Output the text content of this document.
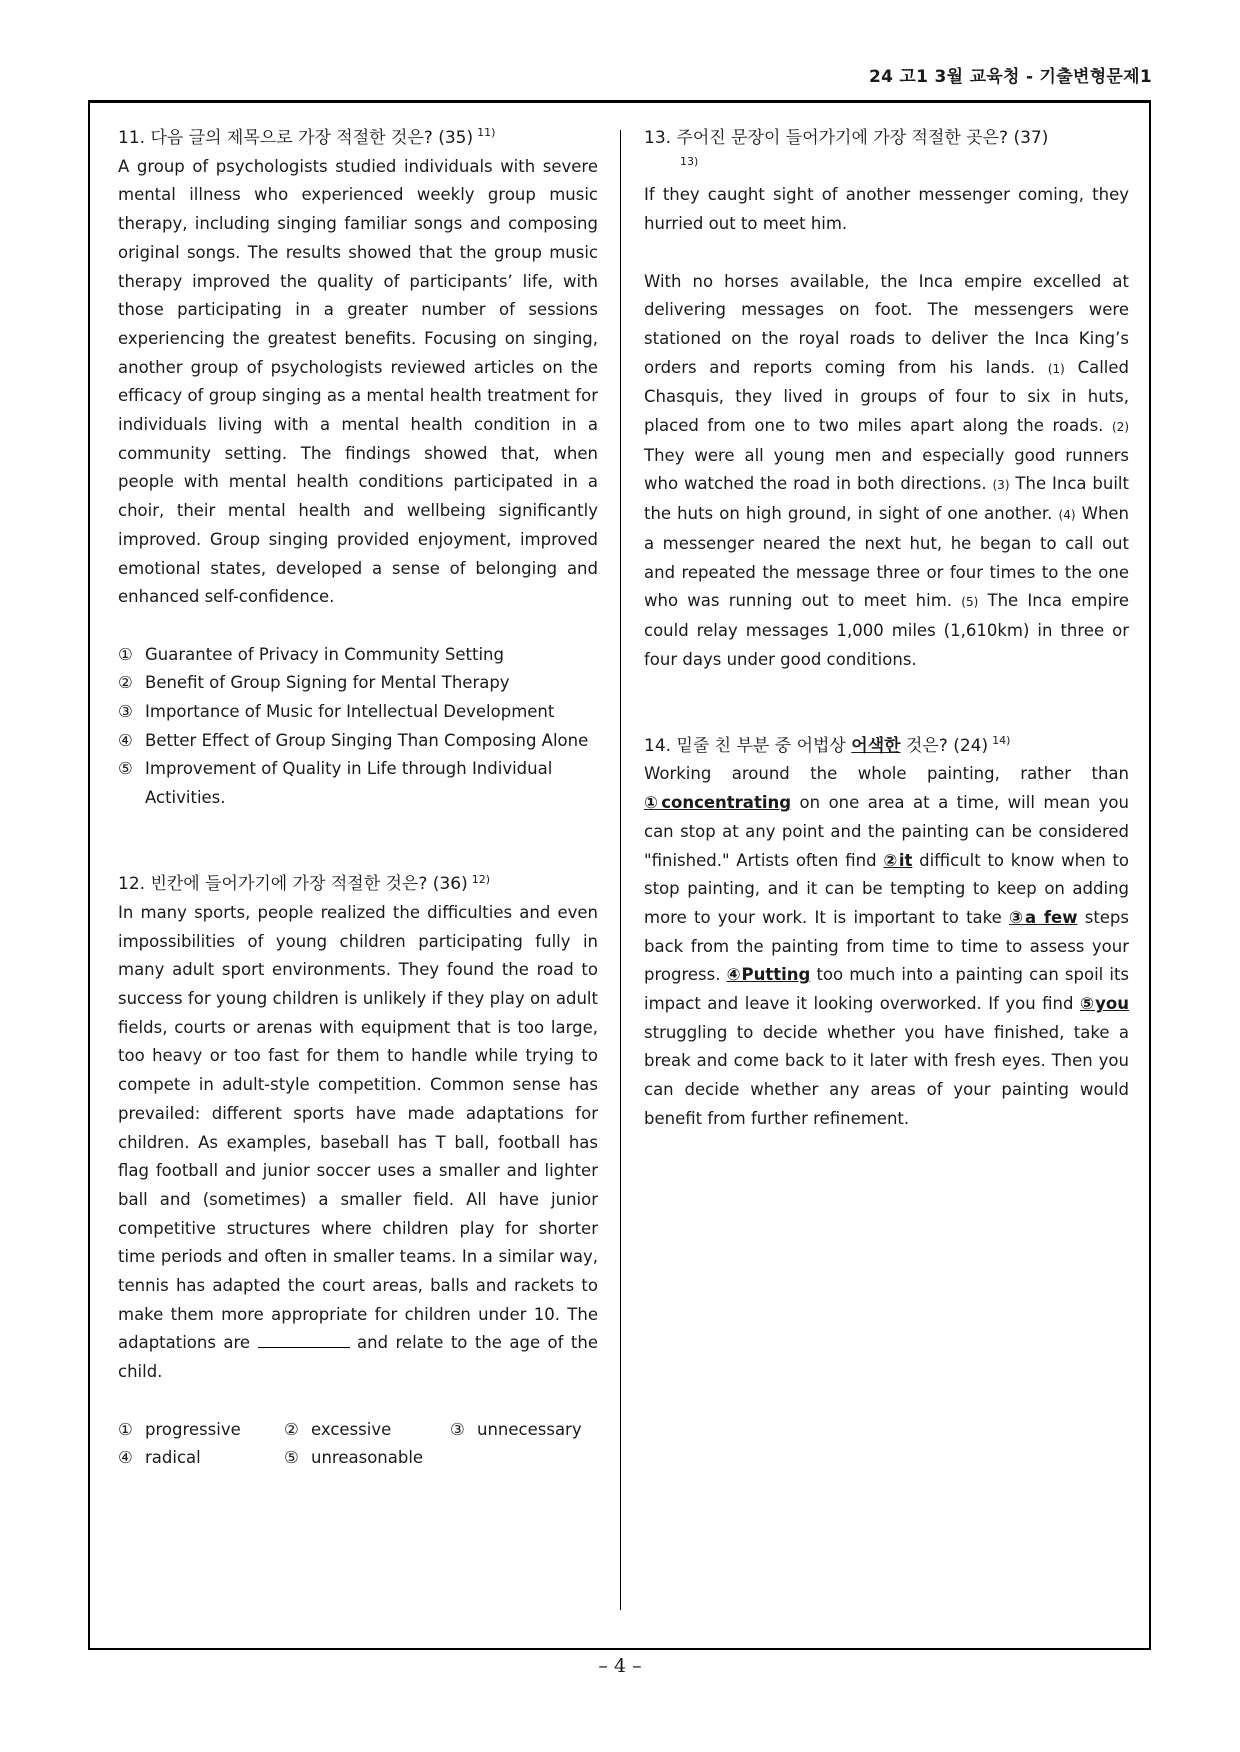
24 고1 3월 교육청 - 기출변형문제1
11. 다음 글의 제목으로 가장 적절한 것은? (35) $^{11)}$

A group of psychologists studied individuals with severe mental illness who experienced weekly group music therapy, including singing familiar songs and composing original songs. The results showed that the group music therapy improved the quality of participants’ life, with those participating in a greater number of sessions experiencing the greatest benefits. Focusing on singing, another group of psychologists reviewed articles on the efficacy of group singing as a mental health treatment for individuals living with a mental health condition in a community setting. The findings showed that, when people with mental health conditions participated in a choir, their mental health and wellbeing significantly improved. Group singing provided enjoyment, improved emotional states, developed a sense of belonging and enhanced self-confidence.

① Guarantee of Privacy in Community Setting
② Benefit of Group Signing for Mental Therapy
③ Importance of Music for Intellectual Development
④ Better Effect of Group Singing Than Composing Alone
⑤ Improvement of Quality in Life through Individual Activities.
12. 빈칸에 들어가기에 가장 적절한 것은? (36) $^{12)}$

In many sports, people realized the difficulties and even impossibilities of young children participating fully in many adult sport environments. They found the road to success for young children is unlikely if they play on adult fields, courts or arenas with equipment that is too large, too heavy or too fast for them to handle while trying to compete in adult-style competition. Common sense has prevailed: different sports have made adaptations for children. As examples, baseball has T ball, football has flag football and junior soccer uses a smaller and lighter ball and (sometimes) a smaller field. All have junior competitive structures where children play for shorter time periods and often in smaller teams. In a similar way, tennis has adapted the court areas, balls and rackets to make them more appropriate for children under 10. The adaptations are	and relate to the age of the child.

① progressive	② excessive	③ unnecessary
④ radical	⑤ unreasonable
13. 주어진 문장이 들어가기에 가장 적절한 곳은? (37)
13)

If they caught sight of another messenger coming, they hurried out to meet him.

With no horses available, the Inca empire excelled at delivering messages on foot. The messengers were stationed on the royal roads to deliver the Inca King’s orders and reports coming from his lands. (1) Called Chasquis, they lived in groups of four to six in huts, placed from one to two miles apart along the roads. (2) They were all young men and especially good runners who watched the road in both directions. (3) The Inca built the huts on high ground, in sight of one another. (4) When a messenger neared the next hut, he began to call out and repeated the message three or four times to the one who was running out to meet him. (5) The Inca empire could relay messages 1,000 miles (1,610km) in three or four days under good conditions.

14. 밑줄 친 부분 중 어법상 어색한 것은? (24) $^{14)}$

Working around the whole painting, rather than ①concentrating on one area at a time, will mean you can stop at any point and the painting can be considered "finished." Artists often find ②it difficult to know when to stop painting, and it can be tempting to keep on adding more to your work. It is important to take ③a few steps back from the painting from time to time to assess your progress. ④Putting too much into a painting can spoil its impact and leave it looking overworked. If you find ⑤you struggling to decide whether you have finished, take a break and come back to it later with fresh eyes. Then you can decide whether any areas of your painting would benefit from further refinement.

– 4 –
